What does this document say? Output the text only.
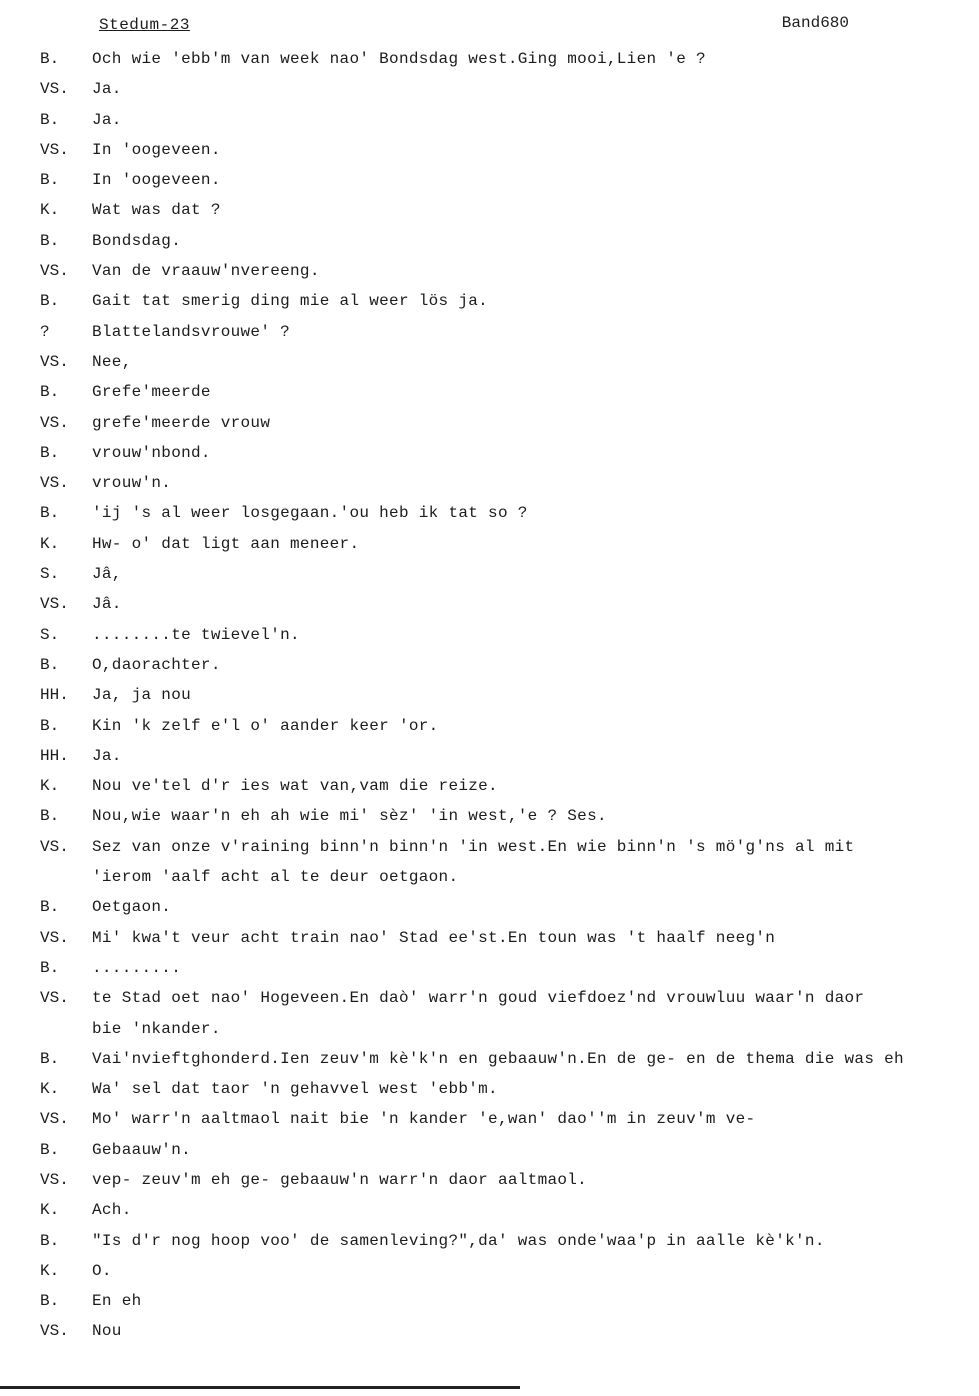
Stedum-23	Band680
B.	Och wie 'ebb'm van week nao' Bondsdag west.Ging mooi,Lien 'e ?
VS.	Ja.
B.	Ja.
VS.	In 'oogeveen.
B.	In 'oogeveen.
K.	Wat was dat ?
B.	Bondsdag.
VS.	Van de vraauw'nvereeng.
B.	Gait tat smerig ding mie al weer lös ja.
?	Blattelandsvrouwe' ?
VS.	Nee,
B.	Grefe'meerde
VS.	grefe'meerde vrouw
B.	vrouw'nbond.
VS.	vrouw'n.
B.	'ij 's al weer losgegaan.'ou heb ik tat so ?
K.	Hw- o' dat ligt aan meneer.
S.	Jâ,
VS.	Jâ.
S.	........te twievel'n.
B.	O,daorachter.
HH.	Ja, ja nou
B.	Kin 'k zelf e'l o' aander keer 'or.
HH.	Ja.
K.	Nou ve'tel d'r ies wat van,vam die reize.
B.	Nou,wie waar'n eh ah wie mi' sèz' 'in west,'e ? Ses.
VS.	Sez van onze v'raining binn'n binn'n 'in west.En wie binn'n 's mö'g'ns al mit
'ierom 'aalf acht al te deur oetgaon.
B.	Oetgaon.
VS.	Mi' kwa't veur acht train nao' Stad ee'st.En toun was 't haalf neeg'n
B.	.........
VS.	te Stad oet nao' Hogeveen.En daò' warr'n goud viefdoez'nd vrouwluu waar'n daor
bie 'nkander.
B.	Vai'nvieftghonderd.Ien zeuv'm kè'k'n en gebaauw'n.En de ge- en de thema die was eh
K.	Wa' sel dat taor 'n gehavvel west 'ebb'm.
VS.	Mo' warr'n aaltmaol nait bie 'n kander 'e,wan' dao''m in zeuv'm ve-
B.	Gebaauw'n.
VS.	vep- zeuv'm eh ge- gebaauw'n warr'n daor aaltmaol.
K.	Ach.
B.	"Is d'r nog hoop voo' de samenleving?",da' was onde'waa'p in aalle kè'k'n.
K.	O.
B.	En eh
VS.	Nou
